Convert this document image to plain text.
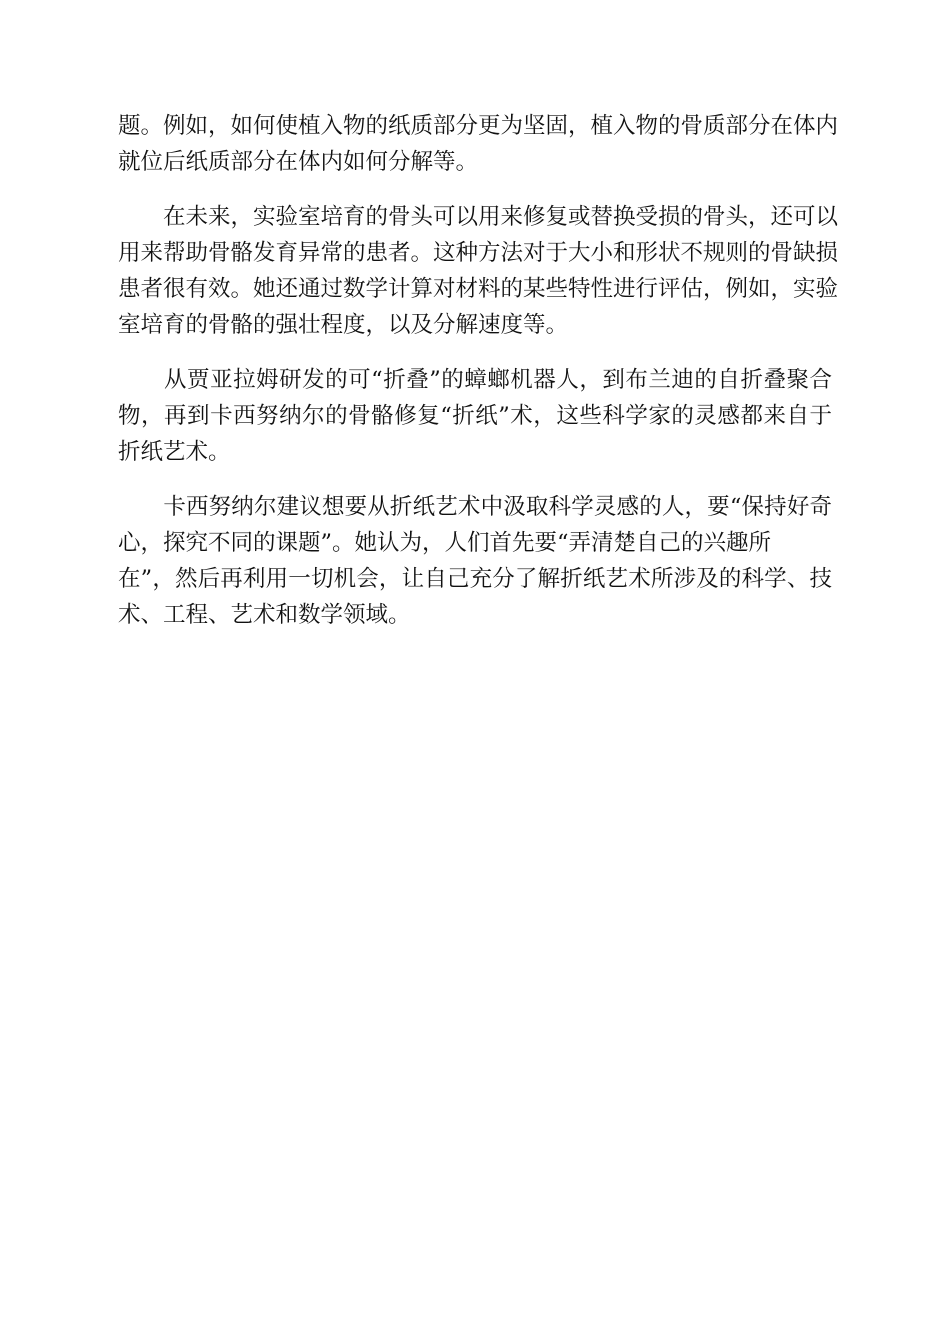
题。例如，如何使植入物的纸质部分更为坚固，植入物的骨质部分在体内
就位后纸质部分在体内如何分解等。
　　在未来，实验室培育的骨头可以用来修复或替换受损的骨头，还可以
用来帮助骨骼发育异常的患者。这种方法对于大小和形状不规则的骨缺损
患者很有效。她还通过数学计算对材料的某些特性进行评估，例如，实验
室培育的骨骼的强壮程度，以及分解速度等。
　　从贾亚拉姆研发的可“折叠”的蟑螂机器人，到布兰迪的自折叠聚合
物，再到卡西努纳尔的骨骼修复“折纸”术，这些科学家的灵感都来自于
折纸艺术。
　　卡西努纳尔建议想要从折纸艺术中汲取科学灵感的人，要“保持好奇
心，探究不同的课题”。她认为，人们首先要“弄清楚自己的兴趣所
在”，然后再利用一切机会，让自己充分了解折纸艺术所涉及的科学、技
术、工程、艺术和数学领域。
